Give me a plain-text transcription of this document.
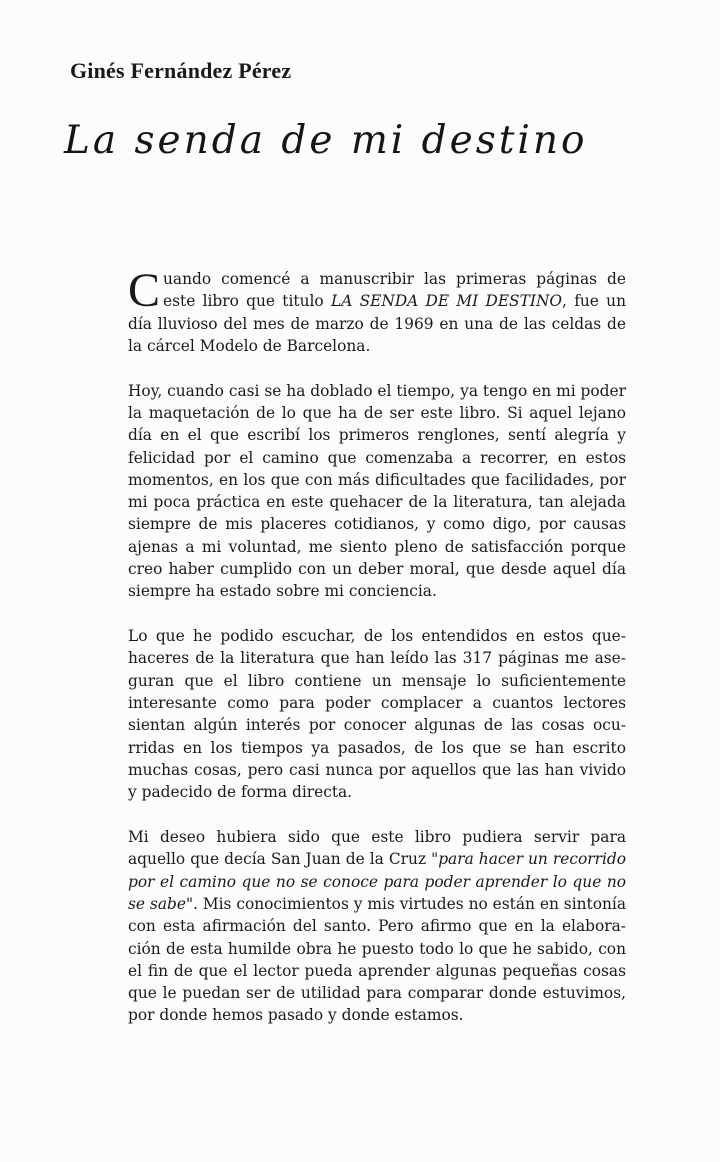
Ginés Fernández Pérez
La senda de mi destino

Cuando comencé a manuscribir las primeras páginas de este libro que titulo LA SENDA DE MI DESTINO, fue un día lluvioso del mes de marzo de 1969 en una de las celdas de la cárcel Modelo de Barcelona.

Hoy, cuando casi se ha doblado el tiempo, ya tengo en mi poder la maquetación de lo que ha de ser este libro. Si aquel lejano día en el que escribí los primeros renglones, sentí alegría y felicidad por el camino que comenzaba a recorrer, en estos momentos, en los que con más dificultades que facilidades, por mi poca práctica en este quehacer de la literatura, tan alejada siempre de mis placeres cotidianos, y como digo, por causas ajenas a mi voluntad, me siento pleno de satisfacción porque creo haber cumplido con un deber moral, que desde aquel día siempre ha estado sobre mi conciencia.

Lo que he podido escuchar, de los entendidos en estos quehaceres de la literatura que han leído las 317 páginas me aseguran que el libro contiene un mensaje lo suficientemente interesante como para poder complacer a cuantos lectores sientan algún interés por conocer algunas de las cosas ocurridas en los tiempos ya pasados, de los que se han escrito muchas cosas, pero casi nunca por aquellos que las han vivido y padecido de forma directa.

Mi deseo hubiera sido que este libro pudiera servir para aquello que decía San Juan de la Cruz "para hacer un recorrido por el camino que no se conoce para poder aprender lo que no se sabe". Mis conocimientos y mis virtudes no están en sintonía con esta afirmación del santo. Pero afirmo que en la elaboración de esta humilde obra he puesto todo lo que he sabido, con el fin de que el lector pueda aprender algunas pequeñas cosas que le puedan ser de utilidad para comparar donde estuvimos, por donde hemos pasado y donde estamos.
